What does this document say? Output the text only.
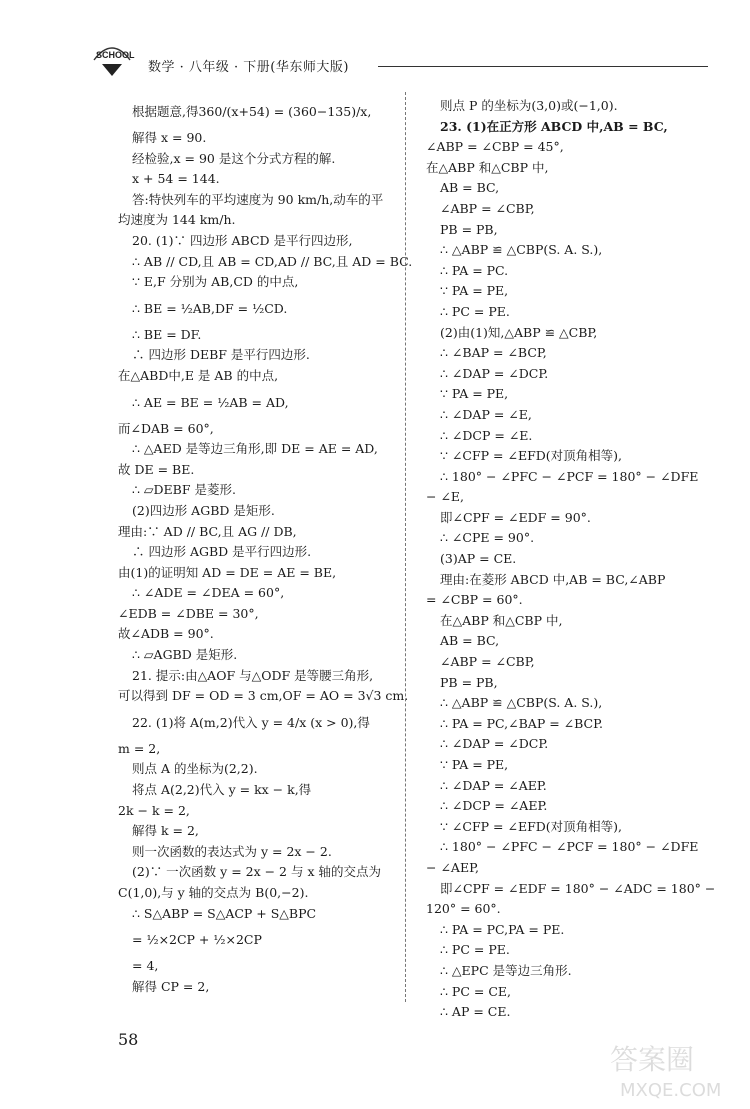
SCHOOL
数学 · 八年级 · 下册(华东师大版)
根据题意,得360/(x+54) = (360−135)/x,
解得 x = 90.
经检验,x = 90 是这个分式方程的解.
x + 54 = 144.
答:特快列车的平均速度为 90 km/h,动车的平
均速度为 144 km/h.
20. (1)∵ 四边形 ABCD 是平行四边形,
∴ AB // CD,且 AB = CD,AD // BC,且 AD = BC.
∵ E,F 分别为 AB,CD 的中点,
∴ BE = ½AB,DF = ½CD.
∴ BE = DF.
∴ 四边形 DEBF 是平行四边形.
在△ABD中,E 是 AB 的中点,
∴ AE = BE = ½AB = AD,
而∠DAB = 60°,
∴ △AED 是等边三角形,即 DE = AE = AD,
故 DE = BE.
∴ ▱DEBF 是菱形.
(2)四边形 AGBD 是矩形.
理由:∵ AD // BC,且 AG // DB,
∴ 四边形 AGBD 是平行四边形.
由(1)的证明知 AD = DE = AE = BE,
∴ ∠ADE = ∠DEA = 60°,
∠EDB = ∠DBE = 30°,
故∠ADB = 90°.
∴ ▱AGBD 是矩形.
21. 提示:由△AOF 与△ODF 是等腰三角形,
可以得到 DF = OD = 3 cm,OF = AO = 3√3 cm.
22. (1)将 A(m,2)代入 y = 4/x (x > 0),得
m = 2,
则点 A 的坐标为(2,2).
将点 A(2,2)代入 y = kx − k,得
2k − k = 2,
解得 k = 2,
则一次函数的表达式为 y = 2x − 2.
(2)∵ 一次函数 y = 2x − 2 与 x 轴的交点为
C(1,0),与 y 轴的交点为 B(0,−2).
∴ S△ABP = S△ACP + S△BPC
= ½×2CP + ½×2CP
= 4,
解得 CP = 2,
则点 P 的坐标为(3,0)或(−1,0).
23. (1)在正方形 ABCD 中,AB = BC,
∠ABP = ∠CBP = 45°,
在△ABP 和△CBP 中,
AB = BC,
∠ABP = ∠CBP,
PB = PB,
∴ △ABP ≌ △CBP(S. A. S.),
∴ PA = PC.
∵ PA = PE,
∴ PC = PE.
(2)由(1)知,△ABP ≌ △CBP,
∴ ∠BAP = ∠BCP,
∴ ∠DAP = ∠DCP.
∵ PA = PE,
∴ ∠DAP = ∠E,
∴ ∠DCP = ∠E.
∵ ∠CFP = ∠EFD(对顶角相等),
∴ 180° − ∠PFC − ∠PCF = 180° − ∠DFE
− ∠E,
即∠CPF = ∠EDF = 90°.
∴ ∠CPE = 90°.
(3)AP = CE.
理由:在菱形 ABCD 中,AB = BC,∠ABP
= ∠CBP = 60°.
在△ABP 和△CBP 中,
AB = BC,
∠ABP = ∠CBP,
PB = PB,
∴ △ABP ≌ △CBP(S. A. S.),
∴ PA = PC,∠BAP = ∠BCP.
∴ ∠DAP = ∠DCP.
∵ PA = PE,
∴ ∠DAP = ∠AEP.
∴ ∠DCP = ∠AEP.
∵ ∠CFP = ∠EFD(对顶角相等),
∴ 180° − ∠PFC − ∠PCF = 180° − ∠DFE
− ∠AEP,
即∠CPF = ∠EDF = 180° − ∠ADC = 180° −
120° = 60°.
∴ PA = PC,PA = PE.
∴ PC = PE.
∴ △EPC 是等边三角形.
∴ PC = CE,
∴ AP = CE.
58
答案圈
MXQE.COM
